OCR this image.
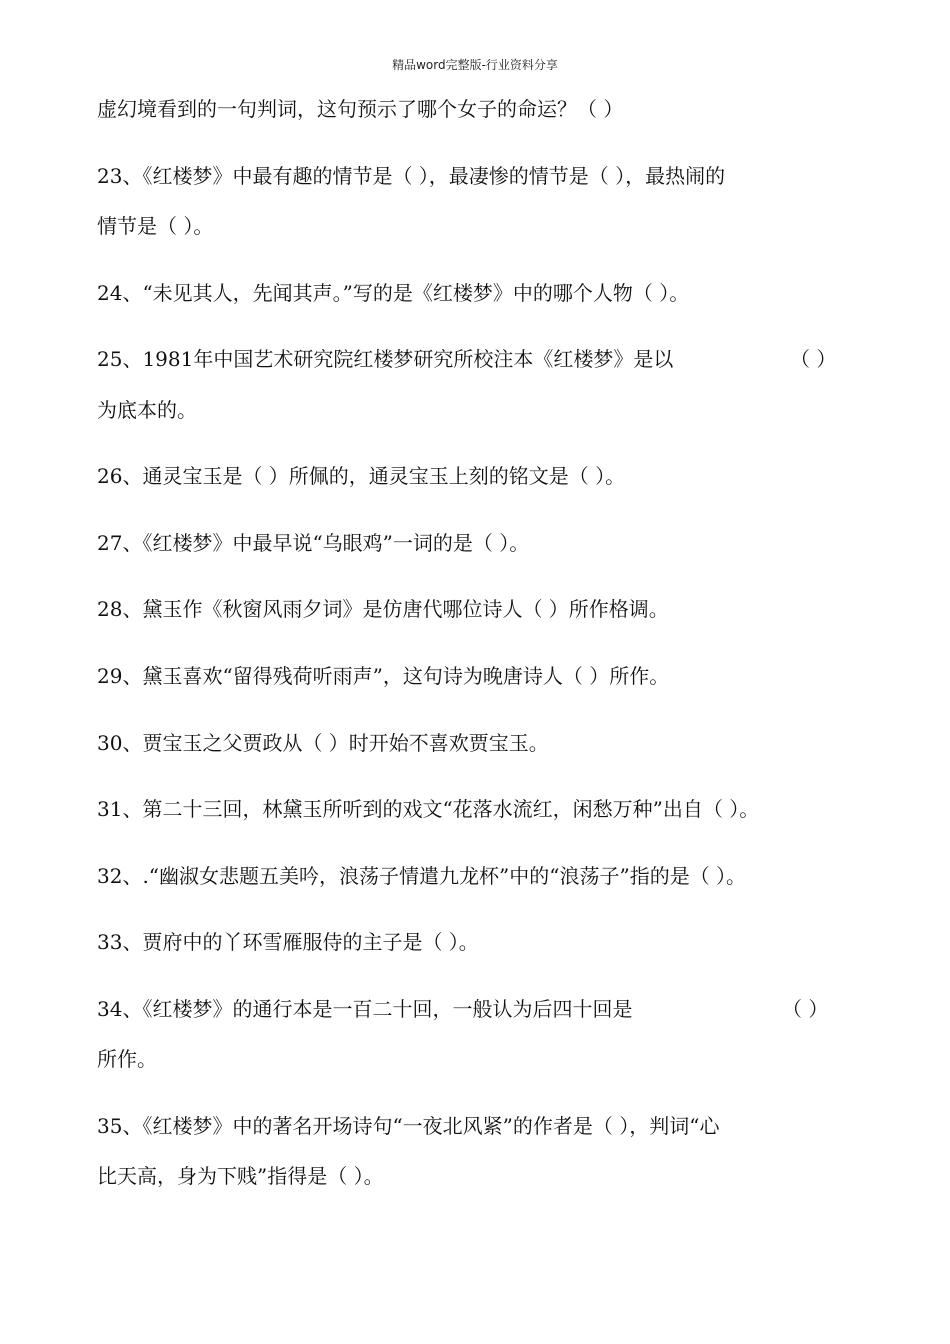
精品word完整版-行业资料分享
虚幻境看到的一句判词，这句预示了哪个女子的命运？（ ）
23、《红楼梦》中最有趣的情节是（ ），最凄惨的情节是（ ），最热闹的
情节是（ ）。
24、“未见其人，先闻其声。”写的是《红楼梦》中的哪个人物（ ）。
25、1981年中国艺术研究院红楼梦研究所校注本《红楼梦》是以	（ ）
为底本的。
26、通灵宝玉是（ ）所佩的，通灵宝玉上刻的铭文是（ ）。
27、《红楼梦》中最早说“乌眼鸡”一词的是（ ）。
28、黛玉作《秋窗风雨夕词》是仿唐代哪位诗人（ ）所作格调。
29、黛玉喜欢“留得残荷听雨声”，这句诗为晚唐诗人（ ）所作。
30、贾宝玉之父贾政从（ ）时开始不喜欢贾宝玉。
31、第二十三回，林黛玉所听到的戏文“花落水流红，闲愁万种”出自（ ）。
32、.“幽淑女悲题五美吟，浪荡子情遣九龙杯”中的“浪荡子”指的是（ ）。
33、贾府中的丫环雪雁服侍的主子是（ ）。
34、《红楼梦》的通行本是一百二十回，一般认为后四十回是	（ ）
所作。
35、《红楼梦》中的著名开场诗句“一夜北风紧”的作者是（ ），判词“心
比天高，身为下贱”指得是（ ）。
